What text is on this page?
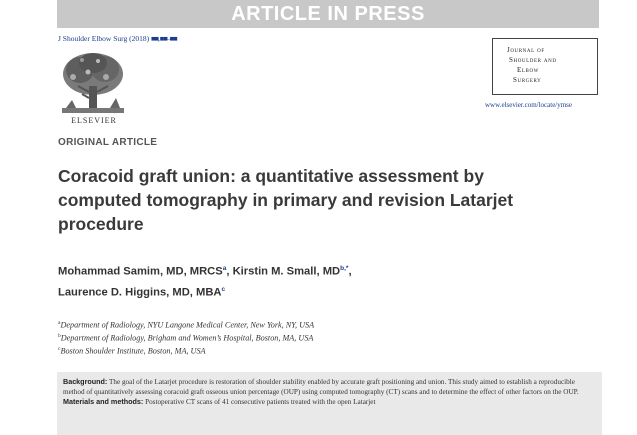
ARTICLE IN PRESS
J Shoulder Elbow Surg (2018) ■■, ■■–■■
ELSEVIER
Journal of
Shoulder and
Elbow
Surgery
www.elsevier.com/locate/ymse
ORIGINAL ARTICLE
Coracoid graft union: a quantitative assessment by computed tomography in primary and revision Latarjet procedure
Mohammad Samim, MD, MRCS$^a$, Kirstin M. Small, $MD^{b,*}$,
Laurence D. Higgins, MD, MBA$^c$
$^a$Department of Radiology, NYU Langone Medical Center, New York, NY, USA
$^b$Department of Radiology, Brigham and Women’s Hospital, Boston, MA, USA
$^c$Boston Shoulder Institute, Boston, MA, USA
Background: The goal of the Latarjet procedure is restoration of shoulder stability enabled by accurate graft positioning and union. This study aimed to establish a reproducible method of quantitatively assessing coracoid graft osseous union percentage (OUP) using computed tomography (CT) scans and to determine the effect of other factors on the OUP.
Materials and methods: Postoperative CT scans of 41 consecutive patients treated with the open Latarjet
